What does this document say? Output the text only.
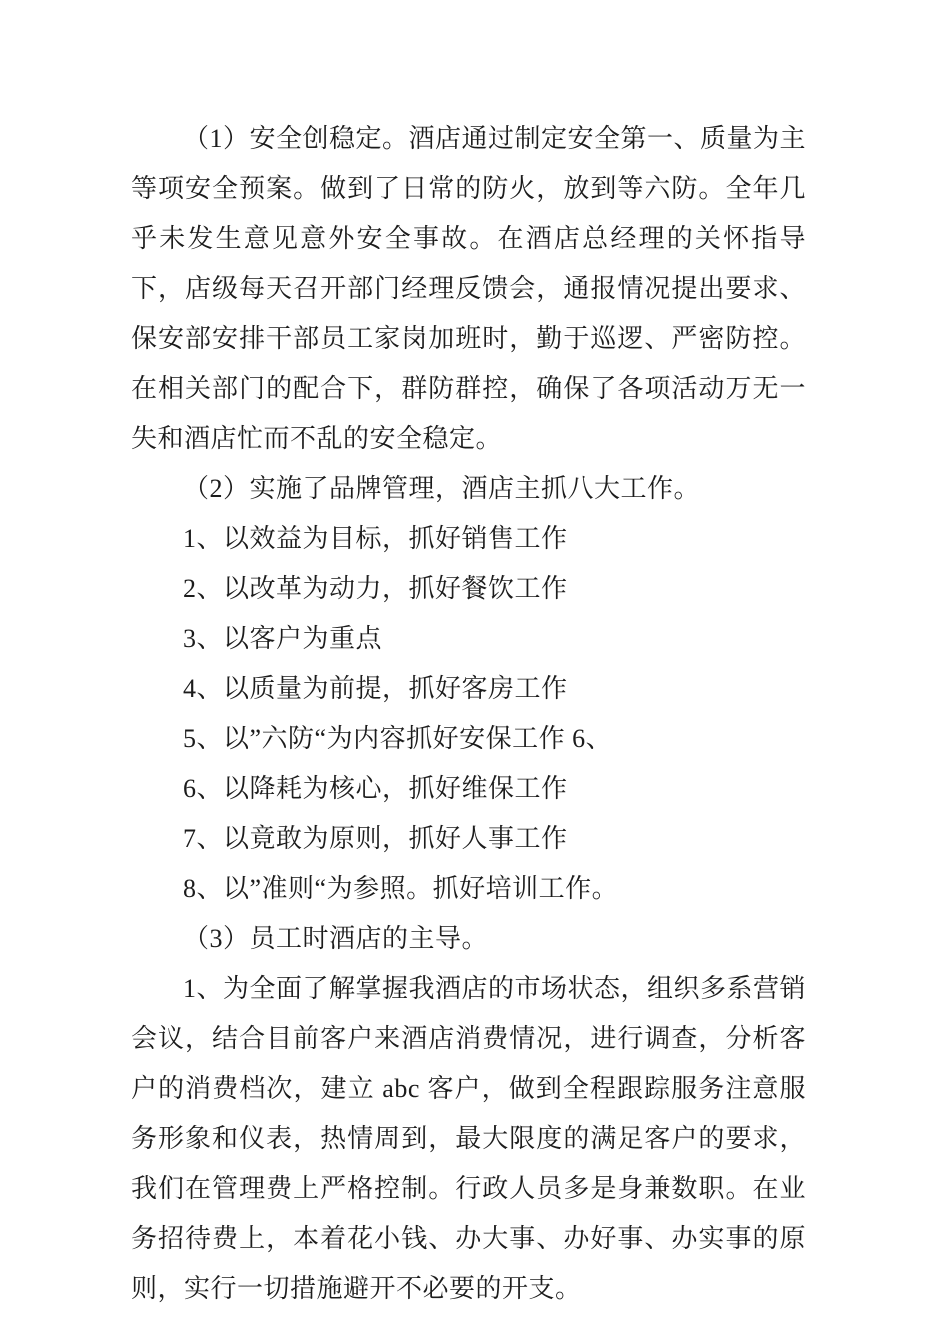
（1）安全创稳定。酒店通过制定安全第一、质量为主等项安全预案。做到了日常的防火，放到等六防。全年几乎未发生意见意外安全事故。在酒店总经理的关怀指导下，店级每天召开部门经理反馈会，通报情况提出要求、保安部安排干部员工家岗加班时，勤于巡逻、严密防控。在相关部门的配合下，群防群控，确保了各项活动万无一失和酒店忙而不乱的安全稳定。

（2）实施了品牌管理，酒店主抓八大工作。

1、以效益为目标，抓好销售工作

2、以改革为动力，抓好餐饮工作

3、以客户为重点

4、以质量为前提，抓好客房工作

5、以”六防“为内容抓好安保工作 6、

6、以降耗为核心，抓好维保工作

7、以竟敢为原则，抓好人事工作

8、以”准则“为参照。抓好培训工作。

（3）员工时酒店的主导。

1、为全面了解掌握我酒店的市场状态，组织多系营销会议，结合目前客户来酒店消费情况，进行调查，分析客户的消费档次，建立 abc 客户，做到全程跟踪服务注意服务形象和仪表，热情周到，最大限度的满足客户的要求，我们在管理费上严格控制。行政人员多是身兼数职。在业务招待费上，本着花小钱、办大事、办好事、办实事的原则，实行一切措施避开不必要的开支。
